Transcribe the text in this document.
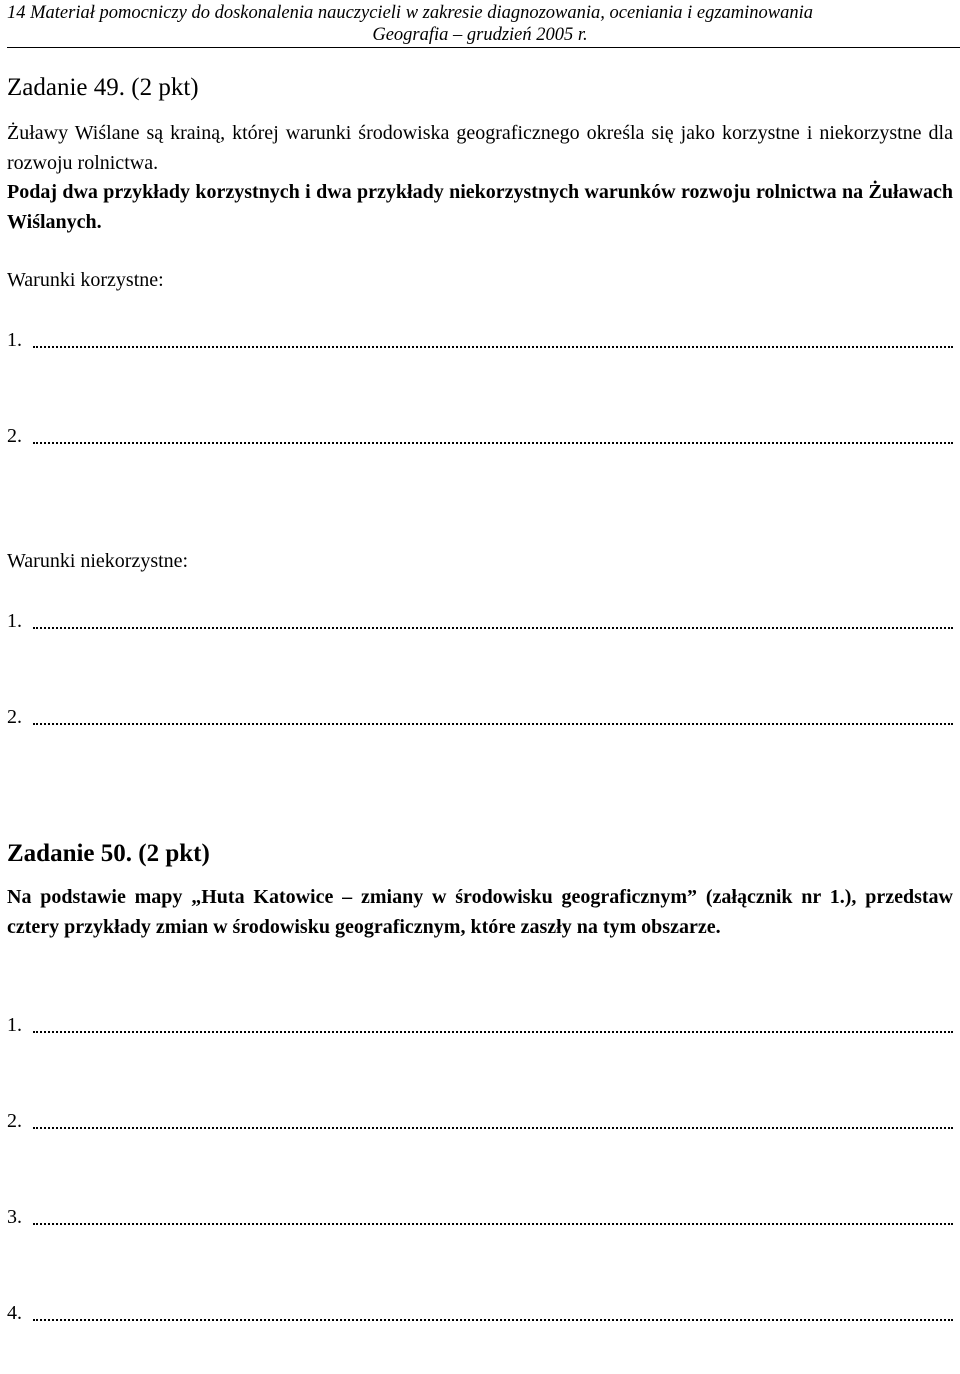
14 Materiał pomocniczy do doskonalenia nauczycieli w zakresie diagnozowania, oceniania i egzaminowania
Geografia – grudzień 2005 r.
Zadanie 49. (2 pkt)
Żuławy Wiślane są krainą, której warunki środowiska geograficznego określa się jako korzystne i niekorzystne dla rozwoju rolnictwa.
Podaj dwa przykłady korzystnych i dwa przykłady niekorzystnych warunków rozwoju rolnictwa na Żuławach Wiślanych.
Warunki korzystne:
1.
2.
Warunki niekorzystne:
1.
2.
Zadanie 50. (2 pkt)
Na podstawie mapy „Huta Katowice – zmiany w środowisku geograficznym” (załącznik nr 1.), przedstaw cztery przykłady zmian w środowisku geograficznym, które zaszły na tym obszarze.
1.
2.
3.
4.
